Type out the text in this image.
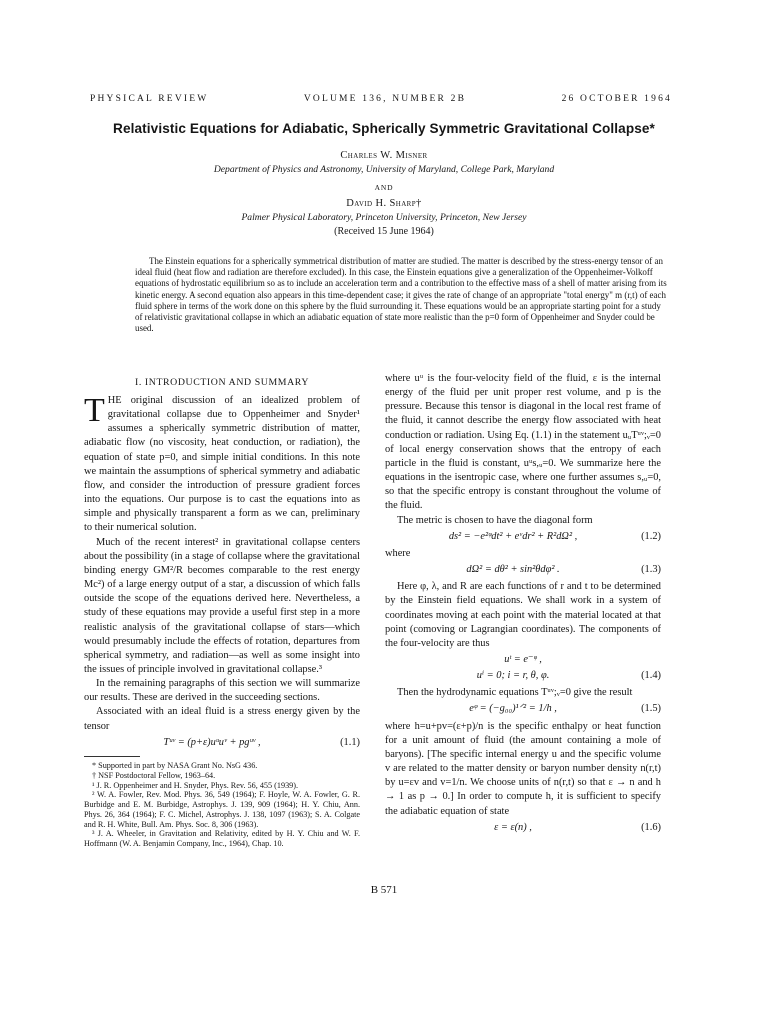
PHYSICAL REVIEW	VOLUME 136, NUMBER 2B	26 OCTOBER 1964
Relativistic Equations for Adiabatic, Spherically Symmetric Gravitational Collapse*
Charles W. Misner
Department of Physics and Astronomy, University of Maryland, College Park, Maryland
AND
David H. Sharp†
Palmer Physical Laboratory, Princeton University, Princeton, New Jersey
(Received 15 June 1964)

The Einstein equations for a spherically symmetrical distribution of matter are studied. The matter is described by the stress-energy tensor of an ideal fluid (heat flow and radiation are therefore excluded). In this case, the Einstein equations give a generalization of the Oppenheimer-Volkoff equations of hydrostatic equilibrium so as to include an acceleration term and a contribution to the effective mass of a shell of matter arising from its kinetic energy. A second equation also appears in this time-dependent case; it gives the rate of change of an appropriate "total energy" m (r,t) of each fluid sphere in terms of the work done on this sphere by the fluid surrounding it. These equations would be an appropriate starting point for a study of relativistic gravitational collapse in which an adiabatic equation of state more realistic than the p=0 form of Oppenheimer and Snyder could be used.

I. INTRODUCTION AND SUMMARY

THE original discussion of an idealized problem of gravitational collapse due to Oppenheimer and Snyder¹ assumes a spherically symmetric distribution of matter, adiabatic flow (no viscosity, heat conduction, or radiation), the equation of state p=0, and simple initial conditions. In this note we maintain the assumptions of spherical symmetry and adiabatic flow, and consider the introduction of pressure gradient forces into the equations. Our purpose is to cast the equations into as simple and physically transparent a form as we can, preliminary to their numerical solution.

Much of the recent interest² in gravitational collapse centers about the possibility (in a stage of collapse where the gravitational binding energy GM²/R becomes comparable to the rest energy Mc²) of a large energy output of a star, a discussion of which falls outside the scope of the equations derived here. Nevertheless, a study of these equations may provide a useful first step in a more realistic analysis of the gravitational collapse of stars—which would presumably include the effects of rotation, departures from spherical symmetry, and radiation—as well as some insight into the issues of principle involved in gravitational collapse.³

In the remaining paragraphs of this section we will summarize our results. These are derived in the succeeding sections.

Associated with an ideal fluid is a stress energy given by the tensor

Tᵘᵛ = (p+ε)uᵘuᵛ + pgᵘᵛ ,	(1.1)

* Supported in part by NASA Grant No. NsG 436.

† NSF Postdoctoral Fellow, 1963–64.

¹ J. R. Oppenheimer and H. Snyder, Phys. Rev. 56, 455 (1939).

² W. A. Fowler, Rev. Mod. Phys. 36, 549 (1964); F. Hoyle, W. A. Fowler, G. R. Burbidge and E. M. Burbidge, Astrophys. J. 139, 909 (1964); H. Y. Chiu, Ann. Phys. 26, 364 (1964); F. C. Michel, Astrophys. J. 138, 1097 (1963); S. A. Colgate and R. H. White, Bull. Am. Phys. Soc. 8, 306 (1963).

³ J. A. Wheeler, in Gravitation and Relativity, edited by H. Y. Chiu and W. F. Hoffmann (W. A. Benjamin Company, Inc., 1964), Chap. 10.

where uᵘ is the four-velocity field of the fluid, ε is the internal energy of the fluid per unit proper rest volume, and p is the pressure. Because this tensor is diagonal in the local rest frame of the fluid, it cannot describe the energy flow associated with heat conduction or radiation. Using Eq. (1.1) in the statement uᵤTᵘᵛ;ᵥ=0 of local energy conservation shows that the entropy of each particle in the fluid is constant, uᵘs,ᵤ=0. We summarize here the equations in the isentropic case, where one further assumes s,ᵤ=0, so that the specific entropy is constant throughout the volume of the fluid.

The metric is chosen to have the diagonal form

ds² = −e²ᵠdt² + eᵛdr² + R²dΩ² ,	(1.2)

where

dΩ² = dθ² + sin²θdφ² .	(1.3)

Here φ, λ, and R are each functions of r and t to be determined by the Einstein field equations. We shall work in a system of coordinates moving at each point with the material located at that point (comoving or Lagrangian coordinates). The components of the four-velocity are thus

uᵗ = e⁻ᵠ ,
uⁱ = 0; i = r, θ, φ.	(1.4)

Then the hydrodynamic equations Tᵘᵛ;ᵥ=0 give the result

eᵠ = (−g₀₀)¹ᐟ² = 1/h ,	(1.5)

where h=u+pv=(ε+p)/n is the specific enthalpy or heat function for a unit amount of fluid (the amount containing a mole of baryons). [The specific internal energy u and the specific volume v are related to the matter density or baryon number density n(r,t) by u=εv and v=1/n. We choose units of n(r,t) so that ε → n and h → 1 as p → 0.] In order to compute h, it is sufficient to specify the adiabatic equation of state

ε = ε(n) ,	(1.6)
B 571
